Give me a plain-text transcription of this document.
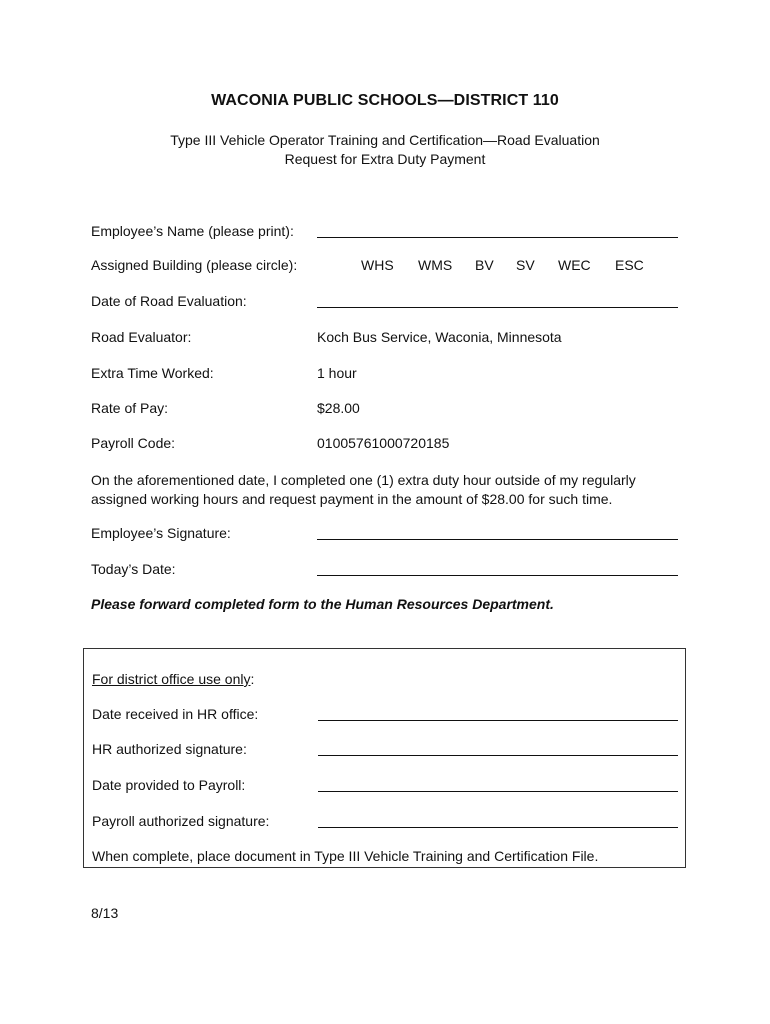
WACONIA PUBLIC SCHOOLS—DISTRICT 110
Type III Vehicle Operator Training and Certification—Road Evaluation
Request for Extra Duty Payment
Employee’s Name (please print):
Assigned Building (please circle):	WHS WMS BV SV WEC ESC
Date of Road Evaluation:
Road Evaluator:	Koch Bus Service, Waconia, Minnesota
Extra Time Worked:	1 hour
Rate of Pay:	$28.00
Payroll Code:	01005761000720185
On the aforementioned date, I completed one (1) extra duty hour outside of my regularly
assigned working hours and request payment in the amount of $28.00 for such time.
Employee’s Signature:
Today’s Date:
Please forward completed form to the Human Resources Department.
For district office use only:
Date received in HR office:
HR authorized signature:
Date provided to Payroll:
Payroll authorized signature:
When complete, place document in Type III Vehicle Training and Certification File.
8/13
